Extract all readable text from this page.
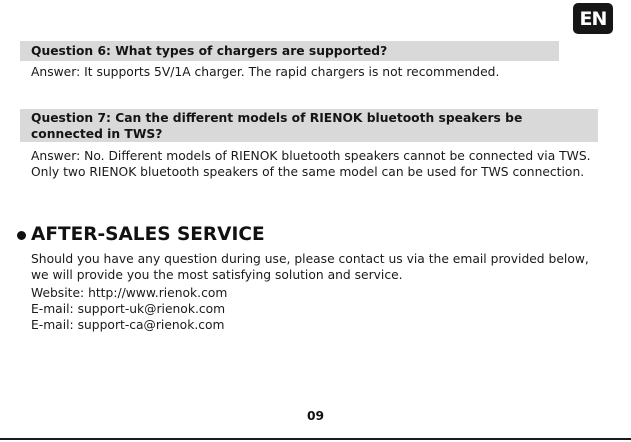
EN
Question 6: What types of chargers are supported?
Answer: It supports 5V/1A charger. The rapid chargers is not recommended.
Question 7: Can the different models of RIENOK bluetooth speakers be connected in TWS?
Answer: No. Different models of RIENOK bluetooth speakers cannot be connected via TWS. Only two RIENOK bluetooth speakers of the same model can be used for TWS connection.
AFTER-SALES SERVICE
Should you have any question during use, please contact us via the email provided below, we will provide you the most satisfying solution and service.
Website: http://www.rienok.com
E-mail: support-uk@rienok.com
E-mail: support-ca@rienok.com
09
